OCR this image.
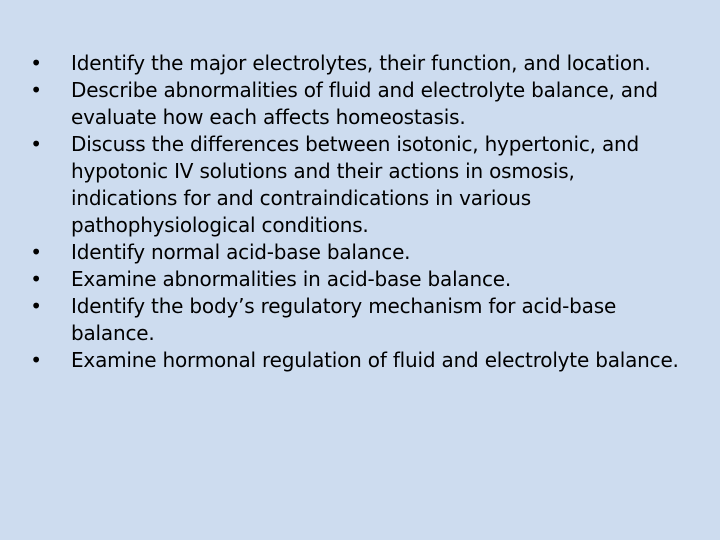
• Identify the major electrolytes, their function, and location.
• Describe abnormalities of fluid and electrolyte balance, and evaluate how each affects homeostasis.
• Discuss the differences between isotonic, hypertonic, and hypotonic IV solutions and their actions in osmosis, indications for and contraindications in various pathophysiological conditions.
• Identify normal acid-base balance.
• Examine abnormalities in acid-base balance.
• Identify the body’s regulatory mechanism for acid-base balance.
• Examine hormonal regulation of fluid and electrolyte balance.
